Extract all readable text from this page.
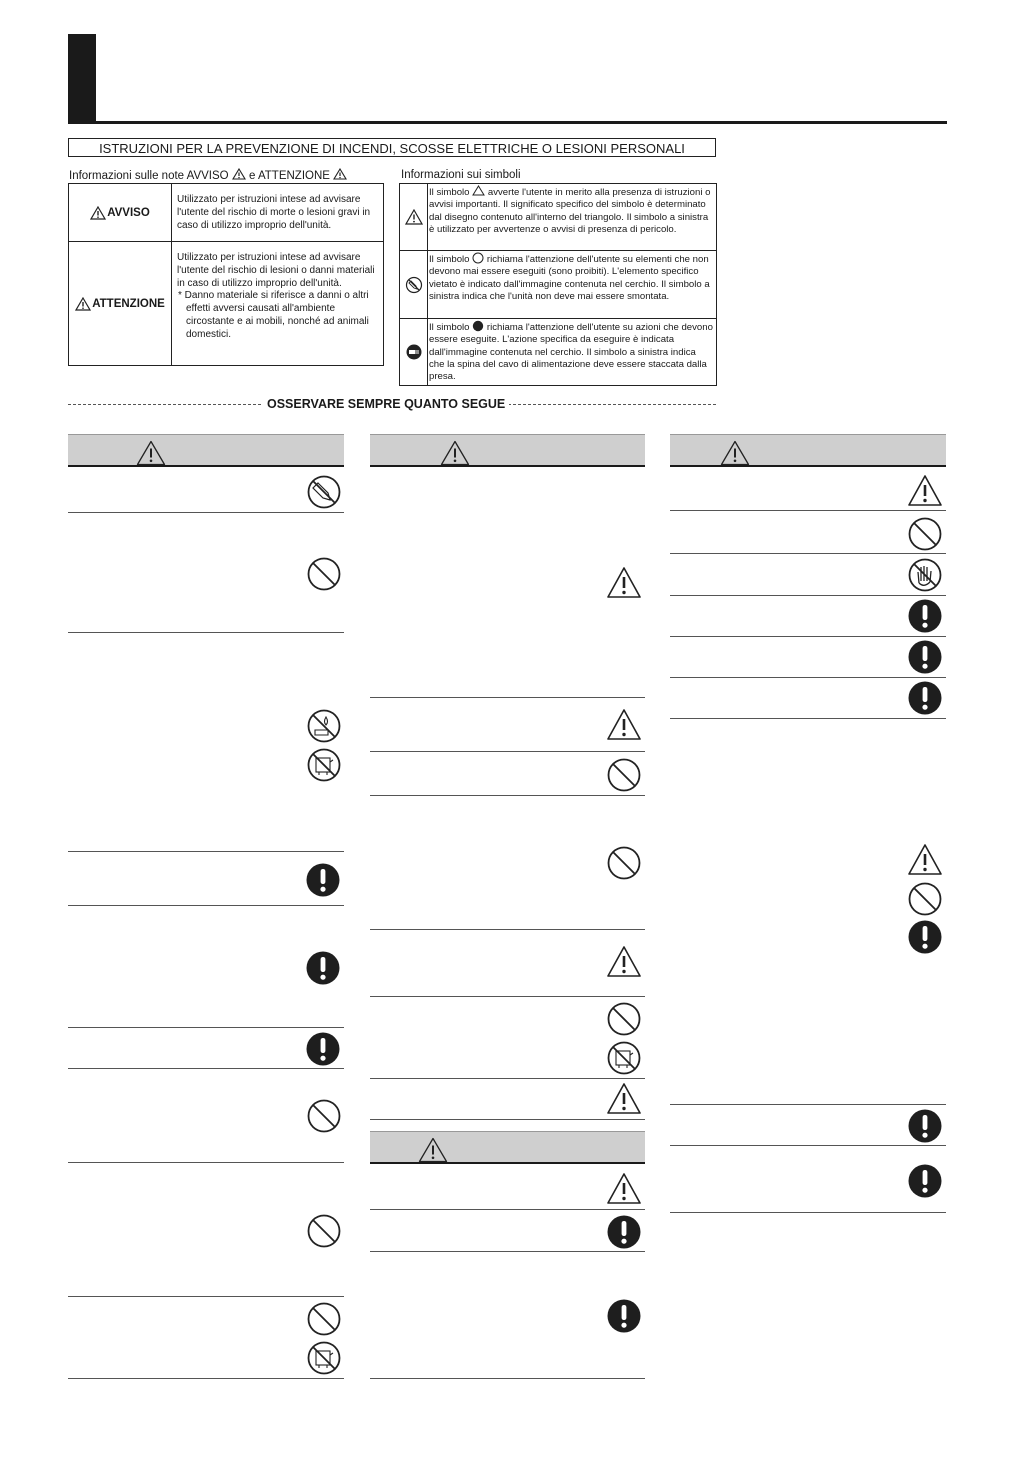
ISTRUZIONI PER LA PREVENZIONE DI INCENDI, SCOSSE ELETTRICHE O LESIONI PERSONALI
Informazioni sulle note AVVISO e ATTENZIONE
AVVISO
Utilizzato per istruzioni intese ad avvisare l'utente del rischio di morte o lesioni gravi in caso di utilizzo improprio dell'unità.
ATTENZIONE
Utilizzato per istruzioni intese ad avvisare l'utente del rischio di lesioni o danni materiali in caso di utilizzo improprio dell'unità.
* Danno materiale si riferisce a danni o altri effetti avversi causati all'ambiente circostante e ai mobili, nonché ad animali domestici.
Informazioni sui simboli
Il simbolo avverte l'utente in merito alla presenza di istruzioni o avvisi importanti. Il significato specifico del simbolo è determinato dal disegno contenuto all'interno del triangolo. Il simbolo a sinistra è utilizzato per avvertenze o avvisi di presenza di pericolo.
Il simbolo richiama l'attenzione dell'utente su elementi che non devono mai essere eseguiti (sono proibiti). L'elemento specifico vietato è indicato dall'immagine contenuta nel cerchio. Il simbolo a sinistra indica che l'unità non deve mai essere smontata.
Il simbolo richiama l'attenzione dell'utente su azioni che devono essere eseguite. L'azione specifica da eseguire è indicata dall'immagine contenuta nel cerchio. Il simbolo a sinistra indica che la spina del cavo di alimentazione deve essere staccata dalla presa.
OSSERVARE SEMPRE QUANTO SEGUE
